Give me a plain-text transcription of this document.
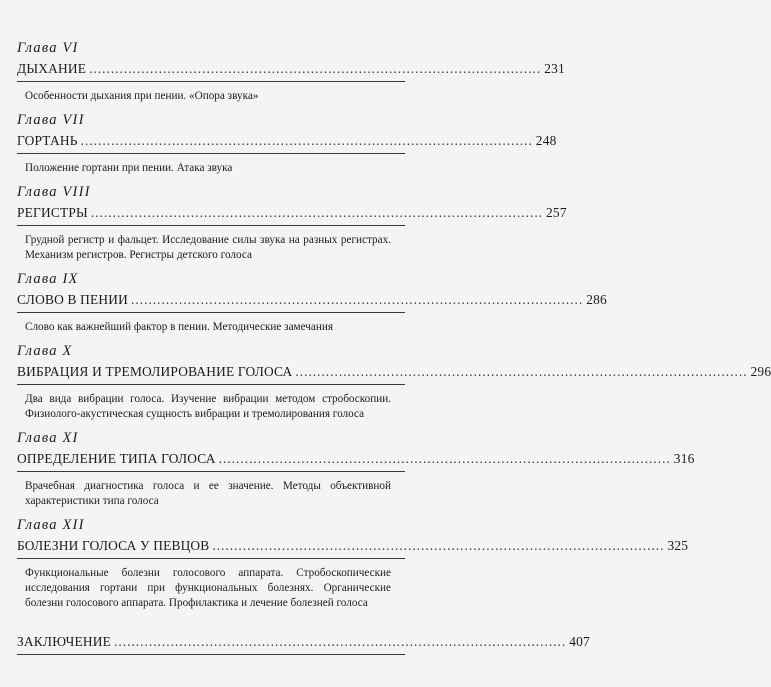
Глава VI
ДЫХАНИЕ ........................................................................................................ 231
Особенности дыхания при пении. «Опора звука»
Глава VII
ГОРТАНЬ ........................................................................................................ 248
Положение гортани при пении. Атака звука
Глава VIII
РЕГИСТРЫ ........................................................................................................ 257
Грудной регистр и фальцет. Исследование силы звука на разных регистрах. Механизм регистров. Регистры детского голоса
Глава IX
СЛОВО В ПЕНИИ ........................................................................................................ 286
Слово как важнейший фактор в пении. Методические замечания
Глава X
ВИБРАЦИЯ И ТРЕМОЛИРОВАНИЕ ГОЛОСА ........................................................................................................ 296
Два вида вибрации голоса. Изучение вибрации методом стробоскопии. Физиолого-акустическая сущность вибрации и тремолирования голоса
Глава XI
ОПРЕДЕЛЕНИЕ ТИПА ГОЛОСА ........................................................................................................ 316
Врачебная диагностика голоса и ее значение. Методы объективной характеристики типа голоса
Глава XII
БОЛЕЗНИ ГОЛОСА У ПЕВЦОВ ........................................................................................................ 325
Функциональные болезни голосового аппарата. Стробоскопические исследования гортани при функциональных болезнях. Органические болезни голосового аппарата. Профилактика и лечение болезней голоса
ЗАКЛЮЧЕНИЕ ........................................................................................................ 407
